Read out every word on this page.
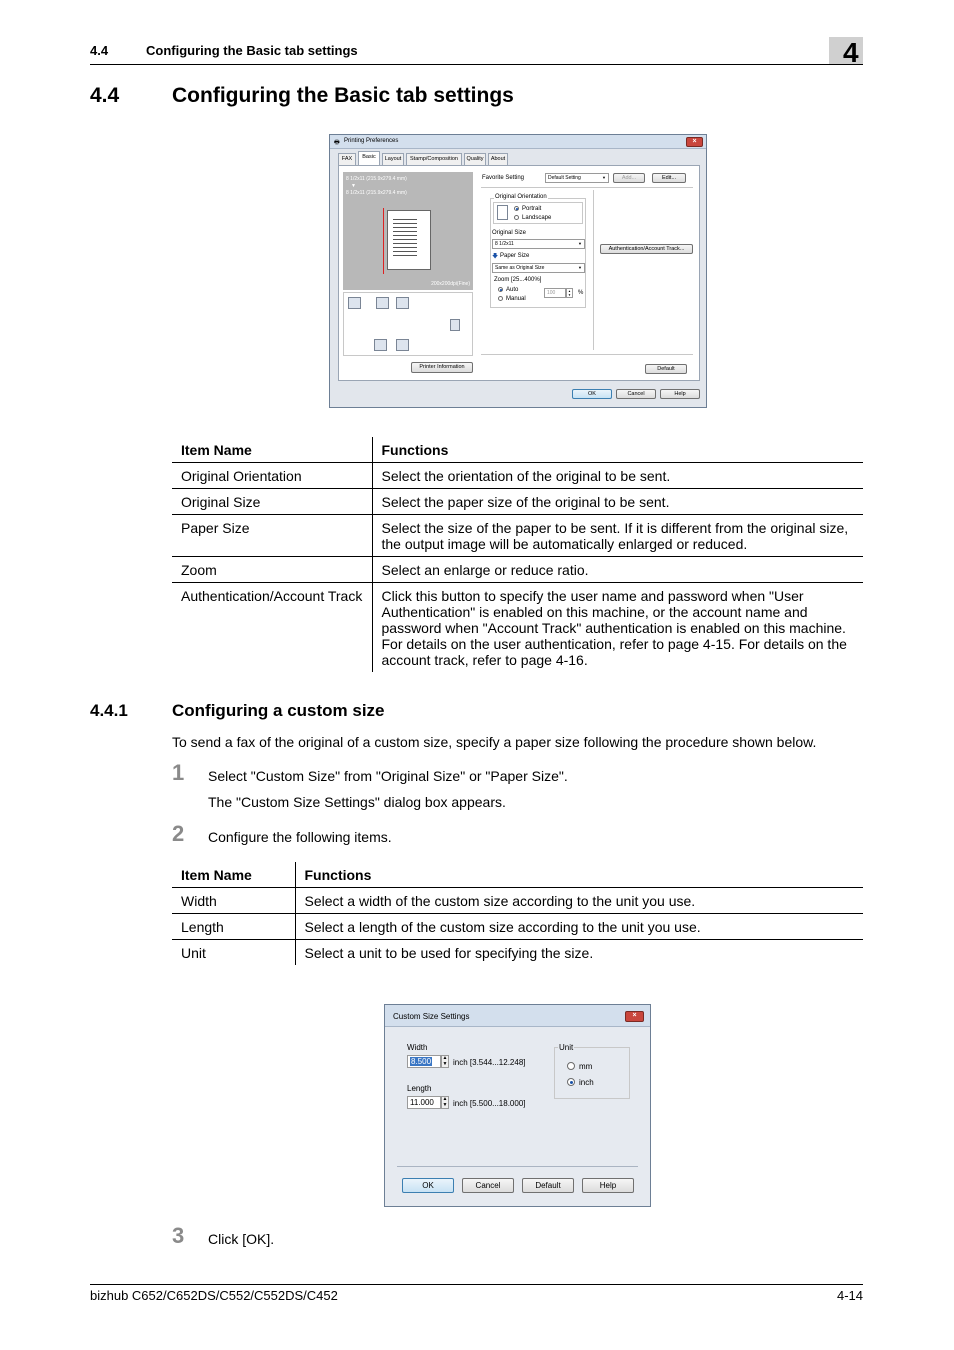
4.4	Configuring the Basic tab settings	4
4.4	Configuring the Basic tab settings
🖶 Printing Preferences	×
FAX	Basic	Layout	Stamp/Composition	Quality	About
8 1/2x11 (215.9x279.4 mm)
▼
8 1/2x11 (215.9x279.4 mm)
200x200dpi(Fine)
Printer Information
Favorite Setting	Default Setting	▼	Add...	Edit...
Original Orientation
Portrait
Landscape
Original Size
8 1/2x11	▼
🡇 Paper Size
Same as Original Size	▼
Zoom [25...400%]
Auto
Manual
100	▲
▼	%
Authentication/Account Track...
Default
OK	Cancel	Help
Item Name	Functions
Original Orientation	Select the orientation of the original to be sent.
Original Size	Select the paper size of the original to be sent.
Paper Size	Select the size of the paper to be sent. If it is different from the original size, the output image will be automatically enlarged or reduced.
Zoom	Select an enlarge or reduce ratio.
Authentication/Account Track	Click this button to specify the user name and password when "User Authentication" is enabled on this machine, or the account name and password when "Account Track" authentication is enabled on this machine. For details on the user authentication, refer to page 4-15. For details on the account track, refer to page 4-16.
4.4.1	Configuring a custom size
To send a fax of the original of a custom size, specify a paper size following the procedure shown below.
1 Select "Custom Size" from "Original Size" or "Paper Size".
The "Custom Size Settings" dialog box appears.
2 Configure the following items.
Item Name	Functions
Width	Select a width of the custom size according to the unit you use.
Length	Select a length of the custom size according to the unit you use.
Unit	Select a unit to be used for specifying the size.
Custom Size Settings	×
Width
8.500	▲
▼ inch [3.544...12.248]
Length
11.000	▲
▼ inch [5.500...18.000]
Unit
mm
inch
OK	Cancel	Default	Help
3 Click [OK].
bizhub C652/C652DS/C552/C552DS/C452	4-14
